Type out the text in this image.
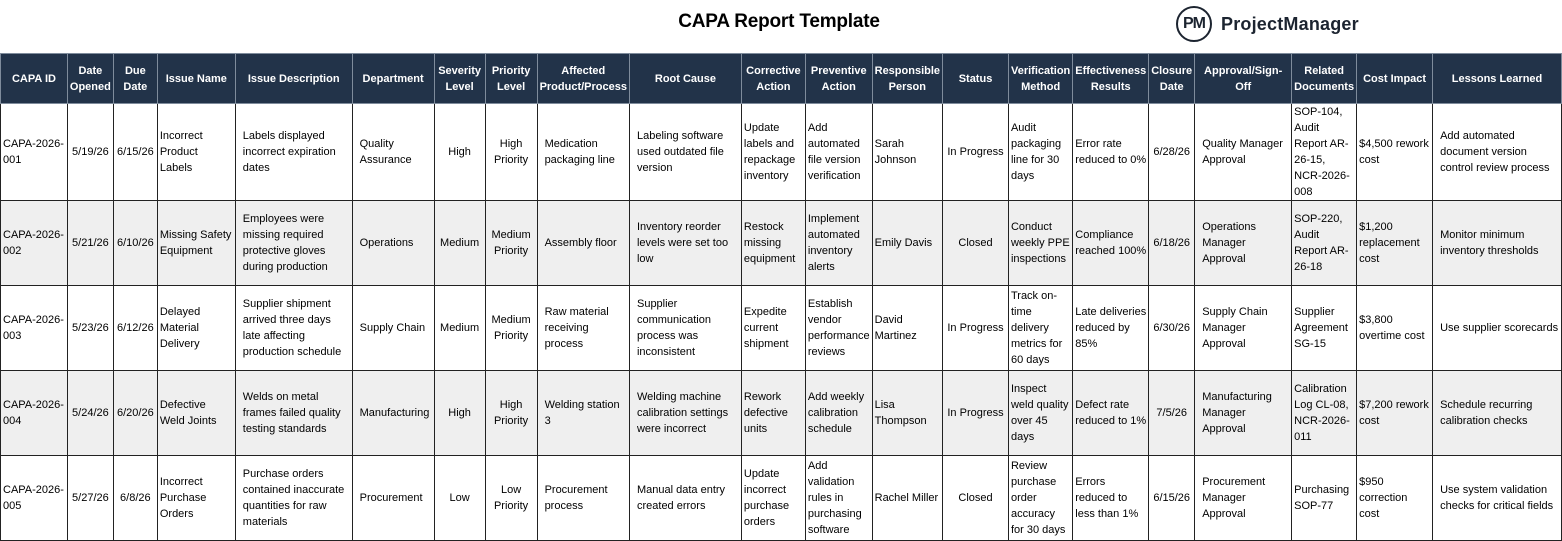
CAPA Report Template	PM ProjectManager
CAPA ID	Date Opened	Due Date	Issue Name	Issue Description	Department	Severity Level	Priority Level	Affected Product/Process	Root Cause	Corrective Action	Preventive Action	Responsible Person	Status	Verification Method	Effectiveness Results	Closure Date	Approval/Sign-Off	Related Documents	Cost Impact	Lessons Learned
CAPA-2026-001	5/19/26	6/15/26	Incorrect Product Labels	Labels displayed incorrect expiration dates	Quality Assurance	High	High Priority	Medication packaging line	Labeling software used outdated file version	Update labels and repackage inventory	Add automated file version verification	Sarah Johnson	In Progress	Audit packaging line for 30 days	Error rate reduced to 0%	6/28/26	Quality Manager Approval	SOP-104, Audit Report AR-26-15, NCR-2026-008	$4,500 rework cost	Add automated document version control review process
CAPA-2026-002	5/21/26	6/10/26	Missing Safety Equipment	Employees were missing required protective gloves during production	Operations	Medium	Medium Priority	Assembly floor	Inventory reorder levels were set too low	Restock missing equipment	Implement automated inventory alerts	Emily Davis	Closed	Conduct weekly PPE inspections	Compliance reached 100%	6/18/26	Operations Manager Approval	SOP-220, Audit Report AR-26-18	$1,200 replacement cost	Monitor minimum inventory thresholds
CAPA-2026-003	5/23/26	6/12/26	Delayed Material Delivery	Supplier shipment arrived three days late affecting production schedule	Supply Chain	Medium	Medium Priority	Raw material receiving process	Supplier communication process was inconsistent	Expedite current shipment	Establish vendor performance reviews	David Martinez	In Progress	Track on-time delivery metrics for 60 days	Late deliveries reduced by 85%	6/30/26	Supply Chain Manager Approval	Supplier Agreement SG-15	$3,800 overtime cost	Use supplier scorecards
CAPA-2026-004	5/24/26	6/20/26	Defective Weld Joints	Welds on metal frames failed quality testing standards	Manufacturing	High	High Priority	Welding station 3	Welding machine calibration settings were incorrect	Rework defective units	Add weekly calibration schedule	Lisa Thompson	In Progress	Inspect weld quality over 45 days	Defect rate reduced to 1%	7/5/26	Manufacturing Manager Approval	Calibration Log CL-08, NCR-2026-011	$7,200 rework cost	Schedule recurring calibration checks
CAPA-2026-005	5/27/26	6/8/26	Incorrect Purchase Orders	Purchase orders contained inaccurate quantities for raw materials	Procurement	Low	Low Priority	Procurement process	Manual data entry created errors	Update incorrect purchase orders	Add validation rules in purchasing software	Rachel Miller	Closed	Review purchase order accuracy for 30 days	Errors reduced to less than 1%	6/15/26	Procurement Manager Approval	Purchasing SOP-77	$950 correction cost	Use system validation checks for critical fields
